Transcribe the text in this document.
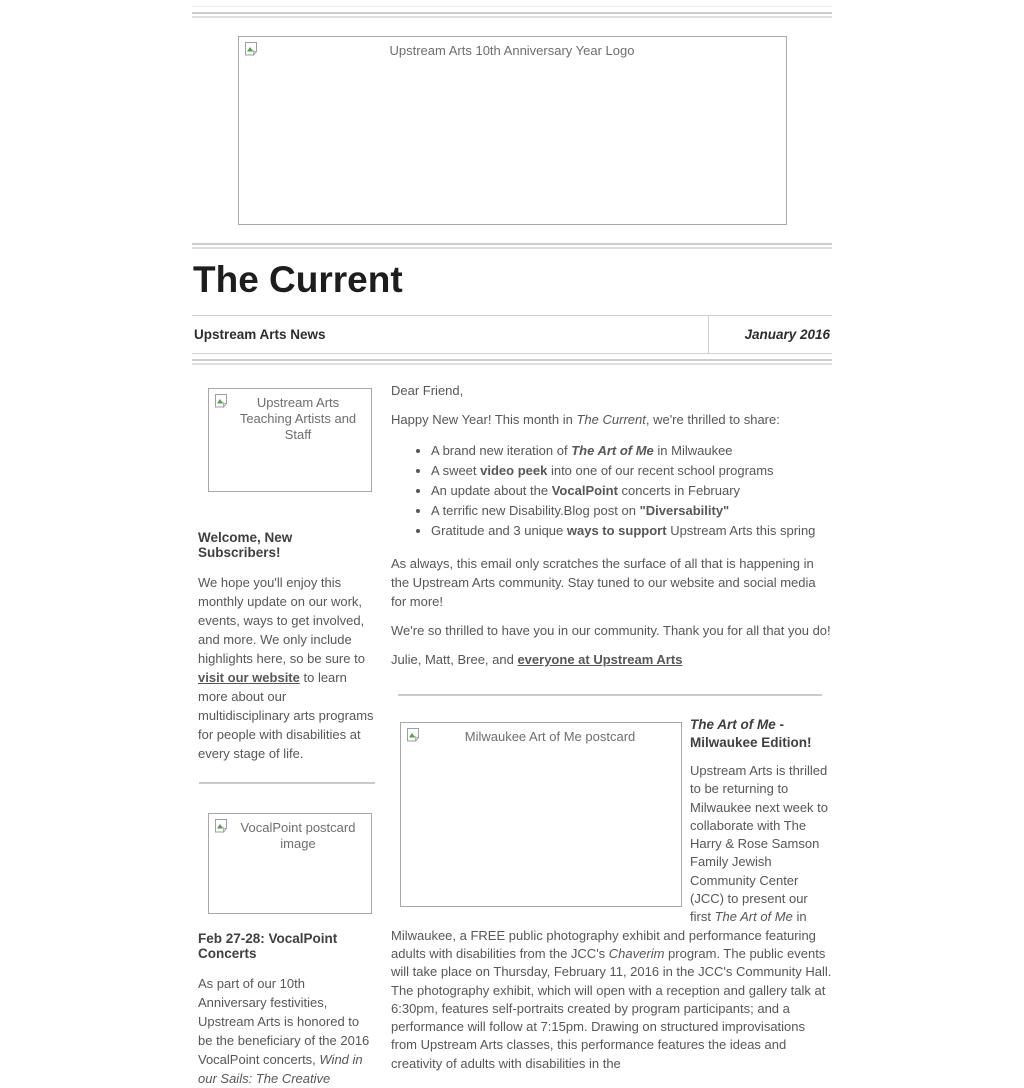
Upstream Arts 10th Anniversary Year Logo
The Current
Upstream Arts News	January 2016
Upstream Arts Teaching Artists and Staff
Welcome, New Subscribers!

We hope you'll enjoy this monthly update on our work, events, ways to get involved, and more. We only include highlights here, so be sure to visit our website to learn more about our multidisciplinary arts programs for people with disabilities at every stage of life.

VocalPoint postcard image
Feb 27-28: VocalPoint Concerts

As part of our 10th Anniversary festivities, Upstream Arts is honored to be the beneficiary of the 2016 VocalPoint concerts, Wind in our Sails: The Creative

Dear Friend,

Happy New Year! This month in The Current, we're thrilled to share:

• A brand new iteration of The Art of Me in Milwaukee
• A sweet video peek into one of our recent school programs
• An update about the VocalPoint concerts in February
• A terrific new Disability.Blog post on "Diversability"
• Gratitude and 3 unique ways to support Upstream Arts this spring

As always, this email only scratches the surface of all that is happening in the Upstream Arts community. Stay tuned to our website and social media for more!

We're so thrilled to have you in our community. Thank you for all that you do!

Julie, Matt, Bree, and everyone at Upstream Arts

Milwaukee Art of Me postcard
The Art of Me -
Milwaukee Edition!

Upstream Arts is thrilled to be returning to Milwaukee next week to collaborate with The Harry & Rose Samson Family Jewish Community Center (JCC) to present our first The Art of Me in Milwaukee, a FREE public photography exhibit and performance featuring adults with disabilities from the JCC's Chaverim program. The public events will take place on Thursday, February 11, 2016 in the JCC's Community Hall. The photography exhibit, which will open with a reception and gallery talk at 6:30pm, features self-portraits created by program participants; and a performance will follow at 7:15pm. Drawing on structured improvisations from Upstream Arts classes, this performance features the ideas and creativity of adults with disabilities in the
